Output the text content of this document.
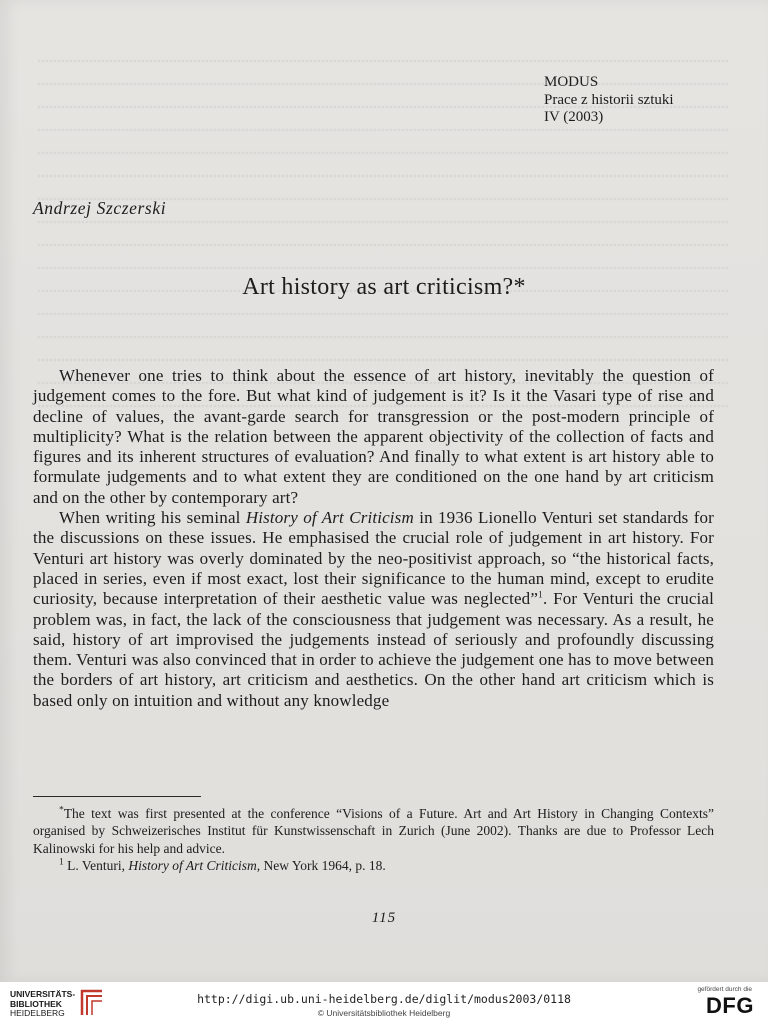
MODUS
Prace z historii sztuki
IV (2003)
Andrzej Szczerski
Art history as art criticism?*

Whenever one tries to think about the essence of art history, inevitably the question of judgement comes to the fore. But what kind of judgement is it? Is it the Vasari type of rise and decline of values, the avant-garde search for transgression or the post-modern principle of multiplicity? What is the relation between the apparent objectivity of the collection of facts and figures and its inherent structures of evaluation? And finally to what extent is art history able to formulate judgements and to what extent they are conditioned on the one hand by art criticism and on the other by contemporary art?

When writing his seminal History of Art Criticism in 1936 Lionello Venturi set standards for the discussions on these issues. He emphasised the crucial role of judgement in art history. For Venturi art history was overly dominated by the neo-positivist approach, so “the historical facts, placed in series, even if most exact, lost their significance to the human mind, except to erudite curiosity, because interpretation of their aesthetic value was neglected”$^1$. For Venturi the crucial problem was, in fact, the lack of the consciousness that judgement was necessary. As a result, he said, history of art improvised the judgements instead of seriously and profoundly discussing them. Venturi was also convinced that in order to achieve the judgement one has to move between the borders of art history, art criticism and aesthetics. On the other hand art criticism which is based only on intuition and without any knowledge

*The text was first presented at the conference “Visions of a Future. Art and Art History in Changing Contexts” organised by Schweizerisches Institut für Kunstwissenschaft in Zurich (June 2002). Thanks are due to Professor Lech Kalinowski for his help and advice.

$^1$ L. Venturi, History of Art Criticism, New York 1964, p. 18.

115
UNIVERSITÄTS-
BIBLIOTHEK
HEIDELBERG
http://digi.ub.uni-heidelberg.de/diglit/modus2003/0118
© Universitätsbibliothek Heidelberg
gefördert durch die
DFG
